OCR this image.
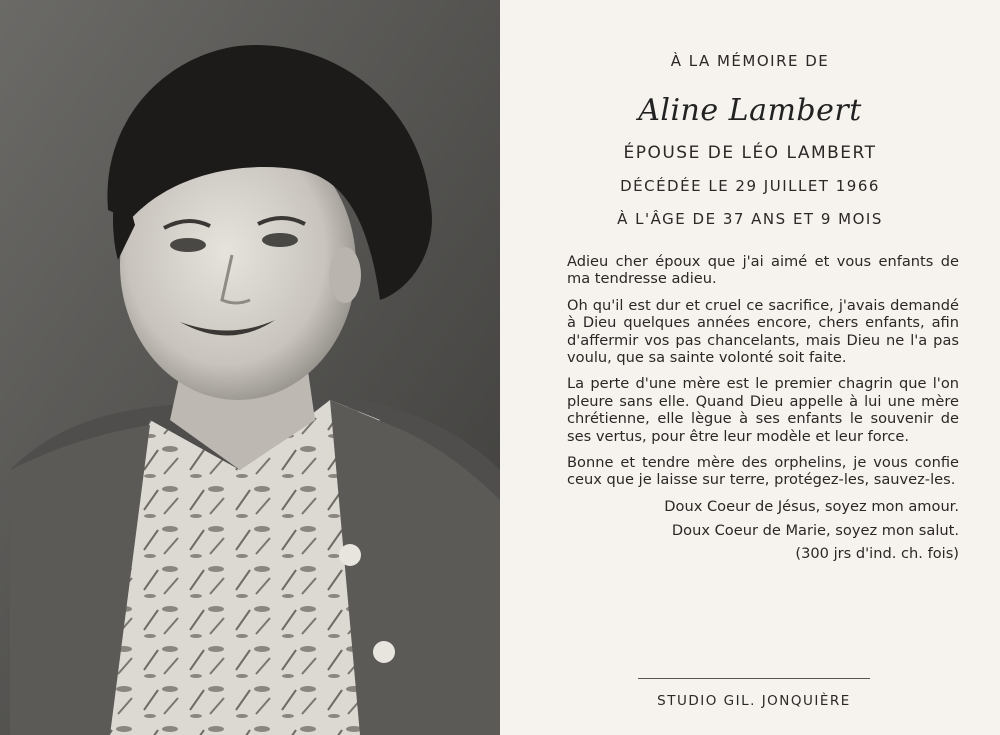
À LA MÉMOIRE DE
Aline Lambert
ÉPOUSE DE LÉO LAMBERT
DÉCÉDÉE LE 29 JUILLET 1966
À L'ÂGE DE 37 ANS ET 9 MOIS

Adieu cher époux que j'ai aimé et vous enfants de ma tendresse adieu.

Oh qu'il est dur et cruel ce sacrifice, j'avais demandé à Dieu quelques années encore, chers enfants, afin d'affermir vos pas chancelants, mais Dieu ne l'a pas voulu, que sa sainte volonté soit faite.

La perte d'une mère est le premier chagrin que l'on pleure sans elle. Quand Dieu appelle à lui une mère chrétienne, elle lègue à ses enfants le souvenir de ses vertus, pour être leur modèle et leur force.

Bonne et tendre mère des orphelins, je vous confie ceux que je laisse sur terre, protégez-les, sauvez-les.

Doux Coeur de Jésus, soyez mon amour.

Doux Coeur de Marie, soyez mon salut.

(300 jrs d'ind. ch. fois)

STUDIO GIL. JONQUIÈRE
